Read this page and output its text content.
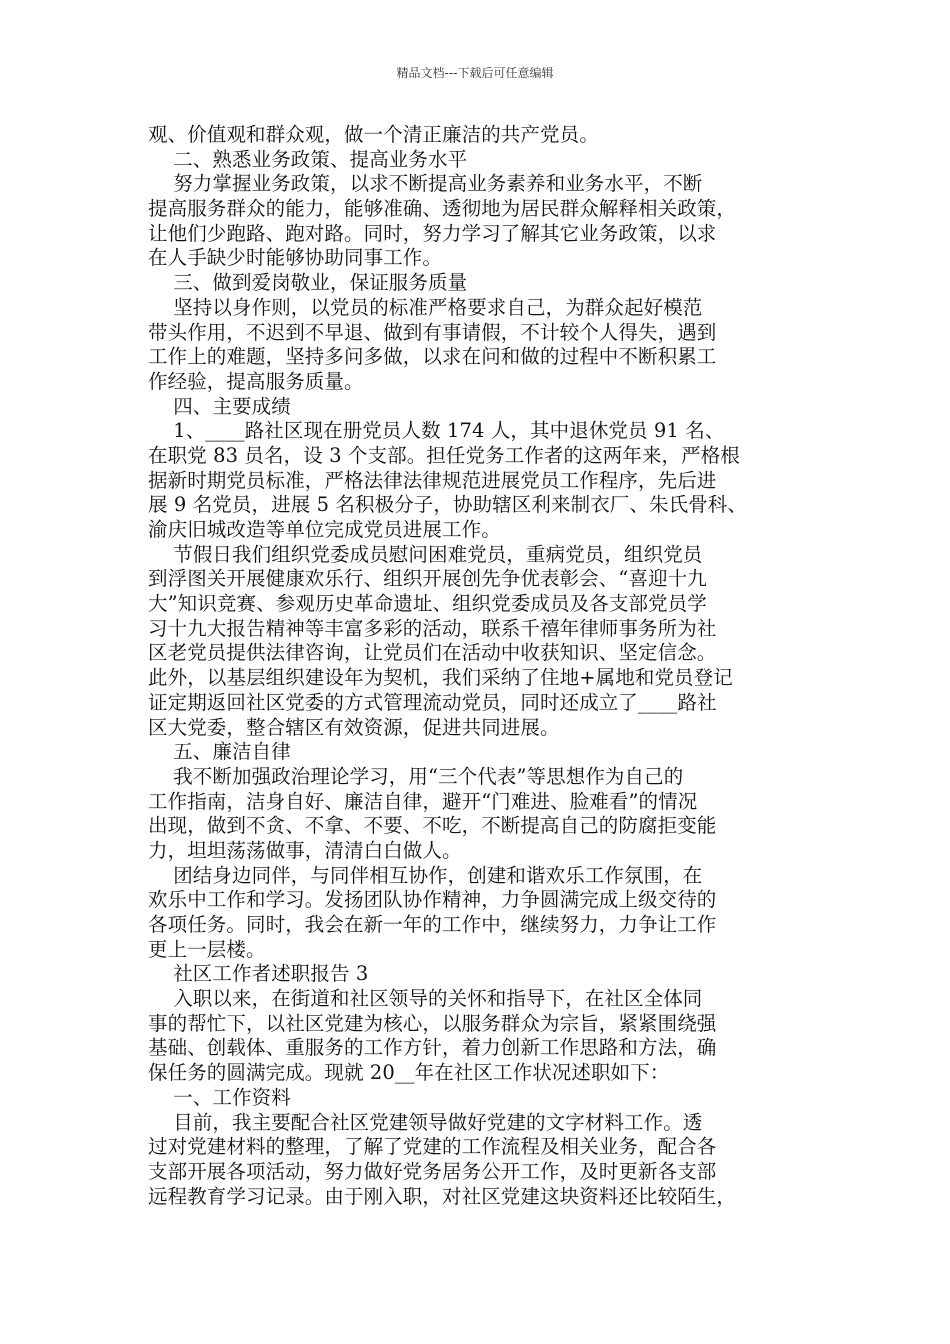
精品文档---下载后可任意编辑
观、价值观和群众观，做一个清正廉洁的共产党员。
二、熟悉业务政策、提高业务水平
努力掌握业务政策，以求不断提高业务素养和业务水平，不断
提高服务群众的能力，能够准确、透彻地为居民群众解释相关政策，
让他们少跑路、跑对路。同时，努力学习了解其它业务政策，以求
在人手缺少时能够协助同事工作。
三、做到爱岗敬业，保证服务质量
坚持以身作则，以党员的标准严格要求自己，为群众起好模范
带头作用，不迟到不早退、做到有事请假，不计较个人得失，遇到
工作上的难题，坚持多问多做，以求在问和做的过程中不断积累工
作经验，提高服务质量。
四、主要成绩
1、____路社区现在册党员人数 174 人，其中退休党员 91 名、
在职党 83 员名，设 3 个支部。担任党务工作者的这两年来，严格根
据新时期党员标准，严格法律法律规范进展党员工作程序，先后进
展 9 名党员，进展 5 名积极分子，协助辖区利来制衣厂、朱氏骨科、
渝庆旧城改造等单位完成党员进展工作。
节假日我们组织党委成员慰问困难党员，重病党员，组织党员
到浮图关开展健康欢乐行、组织开展创先争优表彰会、“喜迎十九
大”知识竞赛、参观历史革命遗址、组织党委成员及各支部党员学
习十九大报告精神等丰富多彩的活动，联系千禧年律师事务所为社
区老党员提供法律咨询，让党员们在活动中收获知识、坚定信念。
此外，以基层组织建设年为契机，我们采纳了住地+属地和党员登记
证定期返回社区党委的方式管理流动党员，同时还成立了____路社
区大党委，整合辖区有效资源，促进共同进展。
五、廉洁自律
我不断加强政治理论学习，用“三个代表”等思想作为自己的
工作指南，洁身自好、廉洁自律，避开“门难进、脸难看”的情况
出现，做到不贪、不拿、不要、不吃，不断提高自己的防腐拒变能
力，坦坦荡荡做事，清清白白做人。
团结身边同伴，与同伴相互协作，创建和谐欢乐工作氛围，在
欢乐中工作和学习。发扬团队协作精神，力争圆满完成上级交待的
各项任务。同时，我会在新一年的工作中，继续努力，力争让工作
更上一层楼。
社区工作者述职报告 3
入职以来，在街道和社区领导的关怀和指导下，在社区全体同
事的帮忙下，以社区党建为核心，以服务群众为宗旨，紧紧围绕强
基础、创载体、重服务的工作方针，着力创新工作思路和方法，确
保任务的圆满完成。现就 20__年在社区工作状况述职如下：
一、工作资料
目前，我主要配合社区党建领导做好党建的文字材料工作。透
过对党建材料的整理，了解了党建的工作流程及相关业务，配合各
支部开展各项活动，努力做好党务居务公开工作，及时更新各支部
远程教育学习记录。由于刚入职，对社区党建这块资料还比较陌生，
